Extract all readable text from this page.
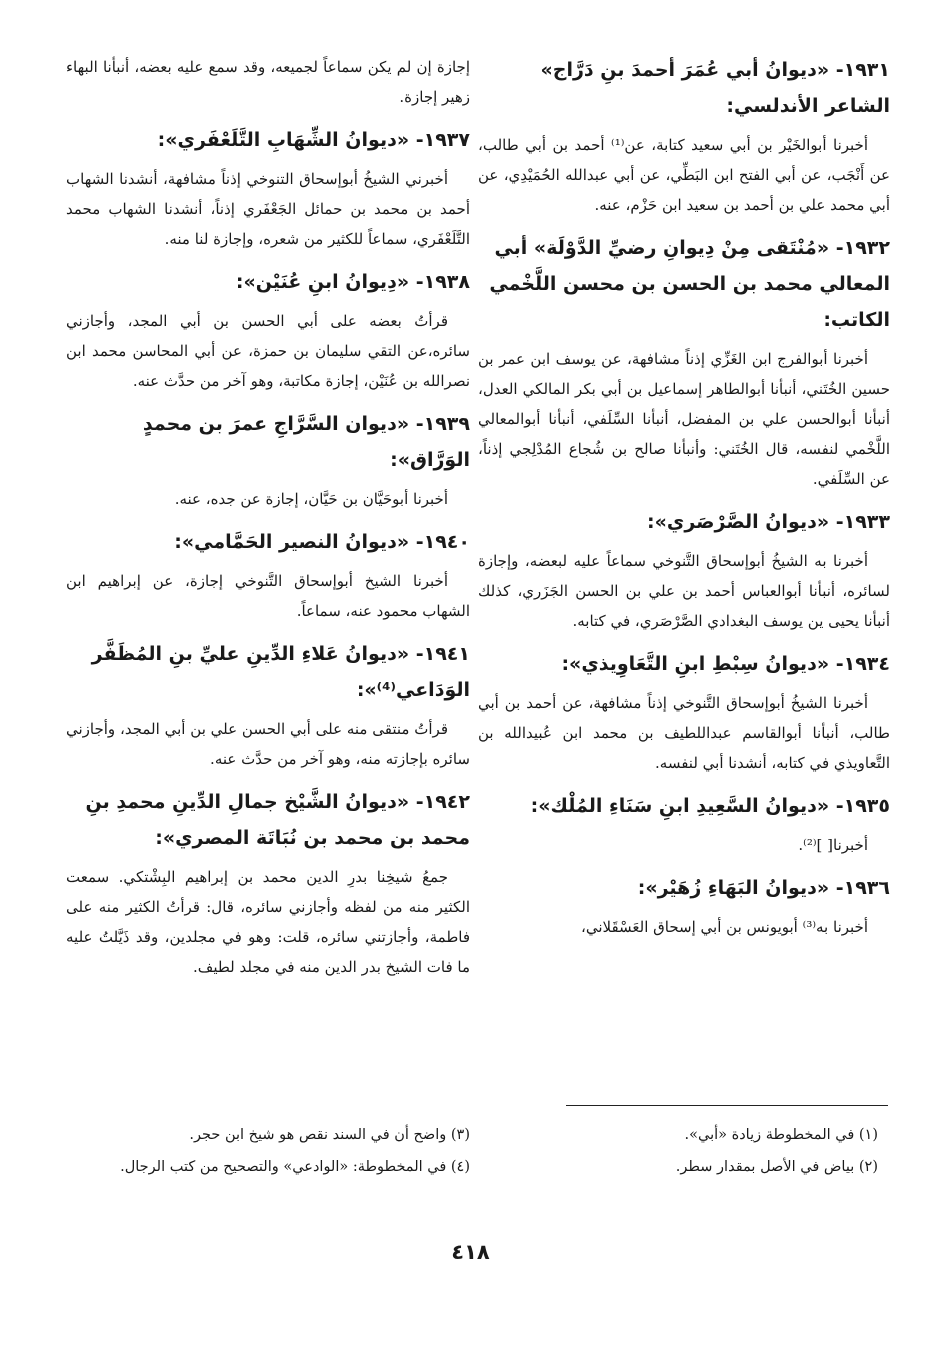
١٩٣١- «ديوانُ أبي عُمَرَ أحمدَ بنِ دَرَّاج» الشاعر الأندلسي:

أخبرنا أبوالخَيْر بن أبي سعيد كتابة، عن⁽¹⁾ أحمد بن أبي طالب، عن أَنْجَب، عن أبي الفتح ابن البَطِّي، عن أبي عبدالله الحُمَيْدِي، عن أبي محمد علي بن أحمد بن سعيد ابن حَزْم، عنه.

١٩٣٢- «مُنْتَقى مِنْ دِيوانِ رضيِّ الدَّوْلَة» أبي المعالي محمد بن الحسن بن محسن اللَّخْمي الكاتب:

أخبرنا أبوالفرج ابن الغَزِّي إذناً مشافهة، عن يوسف ابن عمر بن حسين الخُتَني، أنبأنا أبوالطاهر إسماعيل بن أبي بكر المالكي العدل، أنبأنا أبوالحسن علي بن المفضل، أنبأنا السِّلَفي، أنبأنا أبوالمعالي اللَّخْمي لنفسه، قال الخُتَني: وأنبأنا صالح بن شُجاع المُدْلِجي إذناً، عن السِّلَفي.

١٩٣٣- «ديوانُ الصَّرْصَري»:

أخبرنا به الشيخُ أبوإسحاق التَّنوخي سماعاً عليه لبعضه، وإجازة لسائره، أنبأنا أبوالعباس أحمد بن علي بن الحسن الجَزَري، كذلك أنبأنا يحيى ين يوسف البغدادي الصَّرْصَري، في كتابه.

١٩٣٤- «ديوانُ سِبْطِ ابنِ التَّعَاوِيذي»:

أخبرنا الشيخُ أبوإسحاق التَّنوخي إذناً مشافهة، عن أحمد بن أبي طالب، أنبأنا أبوالقاسم عبداللطيف بن محمد ابن عُبيدالله بن التَّعاويذي في كتابه، أنشدنا أبي لنفسه.

١٩٣٥- «ديوانُ السَّعِيدِ ابنِ سَنَاءِ المُلْك»:

أخبرنا[ ]⁽²⁾.

١٩٣٦- «ديوانُ البَهَاءِ زُهَيْر»:

أخبرنا به⁽³⁾ أبويونس بن أبي إسحاق العَسْقَلاني،

إجازة إن لم يكن سماعاً لجميعه، وقد سمع عليه بعضه، أنبأنا البهاء زهير إجازة.

١٩٣٧- «ديوانُ الشِّهَابِ التَّلَعْفَري»:

أخبرني الشيخُ أبوإسحاق التنوخي إذناً مشافهة، أنشدنا الشهاب أحمد بن محمد بن حمائل الجَعْفَري إذناً، أنشدنا الشهاب محمد التَّلَعْفَري، سماعاً للكثير من شعره، وإجازة لنا منه.

١٩٣٨- «دِيوانُ ابنِ عُنَيْن»:

قرأتُ بعضه على أبي الحسن بن أبي المجد، وأجازني سائره،عن التقي سليمان بن حمزة، عن أبي المحاسن محمد ابن نصرالله بن عُنَيْن، إجازة مكاتبة، وهو آخر من حدَّث عنه.

١٩٣٩- «ديوان السَّرَّاجِ عمرَ بن محمدٍ الوَرَّاق»:

أخبرنا أبوحَيَّان بن حَيَّان، إجازة عن جده، عنه.

١٩٤٠- «ديوانُ النصير الحَمَّامي»:

أخبرنا الشيخ أبوإسحاق التَّنوخي إجازة، عن إبراهيم ابن الشهاب محمود عنه، سماعاً.

١٩٤١- «ديوانُ عَلاءِ الدِّينِ عليِّ بنِ المُظَفَّر الوَدَاعي⁽⁴⁾»:

قرأتُ منتقى منه على أبي الحسن علي بن أبي المجد، وأجازني سائره بإجازته منه، وهو آخر من حدَّث عنه.

١٩٤٢- «ديوانُ الشَّيْخ جمالِ الدِّينِ محمدِ بنِ محمد بن محمد بن نُبَاتَة المصري»:

جمعُ شيخِنا بدرِ الدين محمد بن إبراهيم البِشْتكي. سمعت الكثير منه من لفظه وأجازني سائره، قال: قرأتُ الكثير منه على فاطمة، وأجازتني سائره، قلت: وهو في مجلدين، وقد ذَيَّلتُ عليه ما فات الشيخ بدر الدين منه في مجلد لطيف.

(١) في المخطوطة زيادة «أبي».

(٢) بياض في الأصل بمقدار سطر.

(٣) واضح أن في السند نقص هو شيخ ابن حجر.

(٤) في المخطوطة: «الوادعي» والتصحيح من كتب الرجال.

٤١٨
